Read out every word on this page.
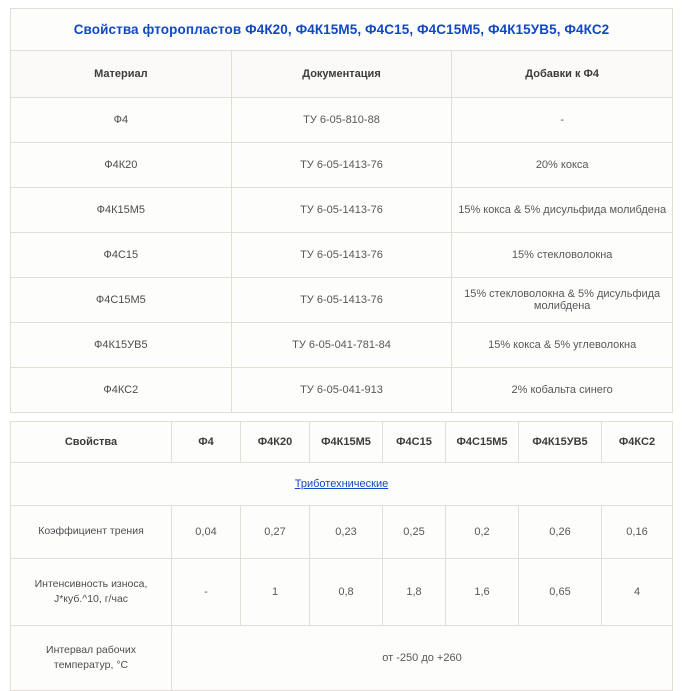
Свойства фторопластов Ф4К20, Ф4К15М5, Ф4С15, Ф4С15М5, Ф4К15УВ5, Ф4КС2		
Материал	Документация	Добавки к Ф4
Ф4	ТУ 6-05-810-88	-
Ф4К20	ТУ 6-05-1413-76	20% кокса
Ф4К15М5	ТУ 6-05-1413-76	15% кокса & 5% дисульфида молибдена
Ф4С15	ТУ 6-05-1413-76	15% стекловолокна
Ф4С15М5	ТУ 6-05-1413-76	15% стекловолокна & 5% дисульфида молибдена
Ф4К15УВ5	ТУ 6-05-041-781-84	15% кокса & 5% углеволокна
Ф4КС2	ТУ 6-05-041-913	2% кобальта синего
Свойства	Ф4	Ф4К20	Ф4К15М5	Ф4С15	Ф4С15М5	Ф4К15УВ5	Ф4КС2
Триботехнические							
Коэффициент трения	0,04	0,27	0,23	0,25	0,2	0,26	0,16
Интенсивность износа, J*куб.^10, г/час	-	1	0,8	1,8	1,6	0,65	4
Интервал рабочих температур, °С	от -250 до +260						
